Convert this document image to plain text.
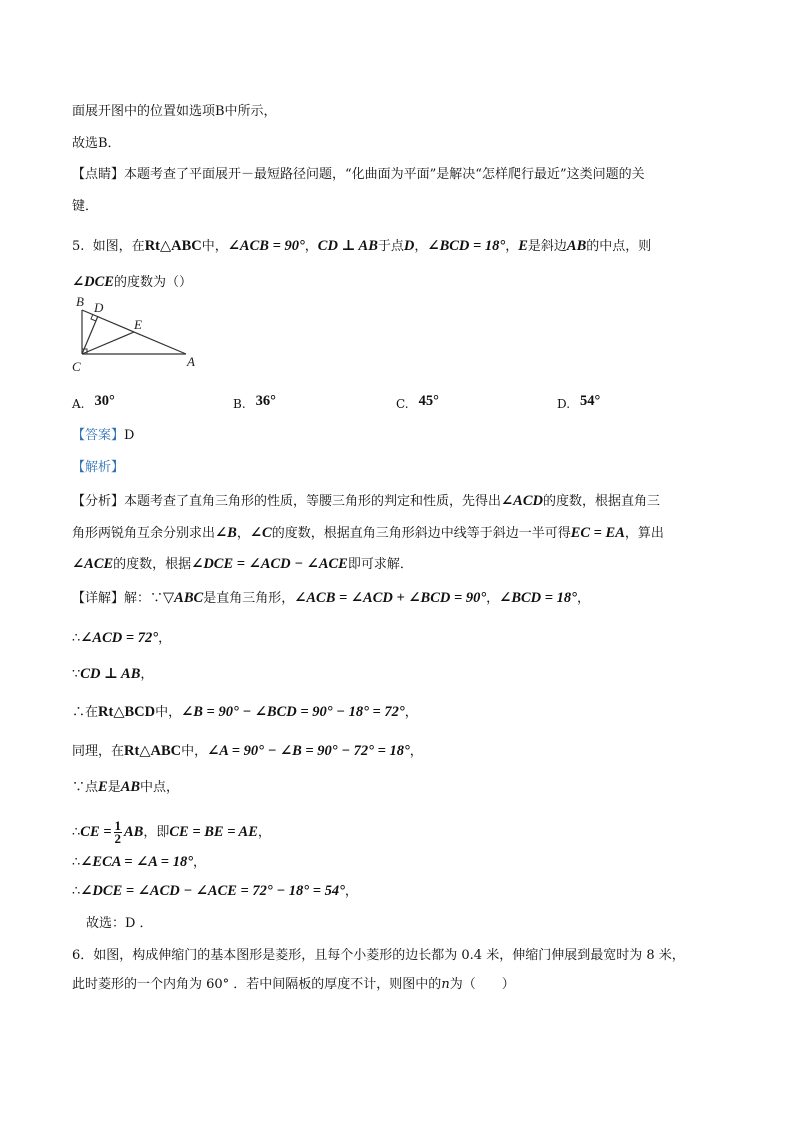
面展开图中的位置如选项B中所示，
故选B．
【点睛】本题考查了平面展开－最短路径问题，“化曲面为平面”是解决“怎样爬行最近”这类问题的关
键．
5. 如图，在Rt△ABC中，∠ACB = 90°，CD ⊥ AB于点D，∠BCD = 18°，E是斜边AB的中点，则
∠DCE的度数为（）
B D
E
C	A
A. 30°	B. 36°	C. 45°	D. 54°
【答案】D
【解析】
【分析】本题考查了直角三角形的性质，等腰三角形的判定和性质，先得出∠ACD的度数，根据直角三
角形两锐角互余分别求出∠B，∠C的度数，根据直角三角形斜边中线等于斜边一半可得EC = EA，算出
∠ACE的度数，根据∠DCE = ∠ACD − ∠ACE即可求解．
【详解】解：∵▽ABC是直角三角形，∠ACB = ∠ACD + ∠BCD = 90°，∠BCD = 18°，
∴∠ACD = 72°，
∵CD ⊥ AB，
∴在Rt△BCD中，∠B = 90° − ∠BCD = 90° − 18° = 72°，
同理，在Rt△ABC中，∠A = 90° − ∠B = 90° − 72° = 18°，
∵点E是AB中点，
∴CE = $\frac{1}{2}$ AB，即CE = BE = AE，
∴∠ECA = ∠A = 18°，
∴∠DCE = ∠ACD − ∠ACE = 72° − 18° = 54°，
故选：D ．
6．如图，构成伸缩门的基本图形是菱形，且每个小菱形的边长都为 0.4 米，伸缩门伸展到最宽时为 8 米，
此时菱形的一个内角为 60° ．若中间隔板的厚度不计，则图中的n为（　　）
